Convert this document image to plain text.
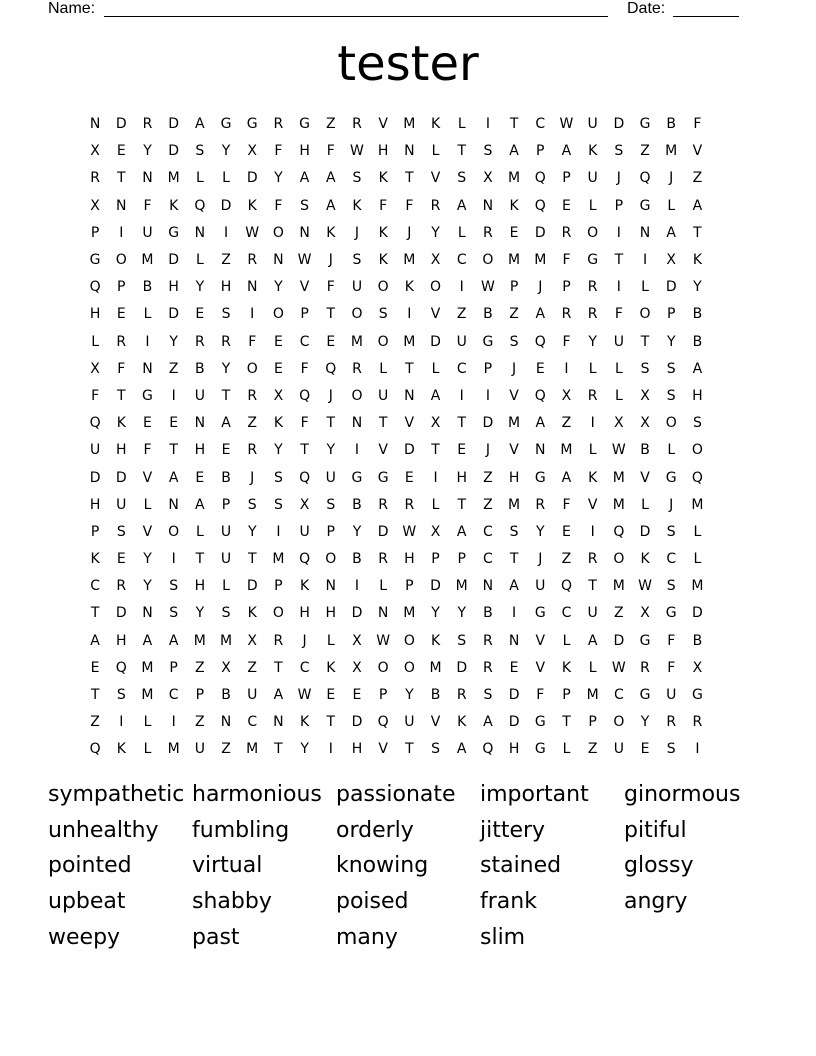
Name:	Date:
tester
N	D	R	D	A	G	G	R	G	Z	R	V	M	K	L	I	T	C	W	U	D	G	B	F
X	E	Y	D	S	Y	X	F	H	F	W	H	N	L	T	S	A	P	A	K	S	Z	M	V
R	T	N	M	L	L	D	Y	A	A	S	K	T	V	S	X	M	Q	P	U	J	Q	J	Z
X	N	F	K	Q	D	K	F	S	A	K	F	F	R	A	N	K	Q	E	L	P	G	L	A
P	I	U	G	N	I	W O	N	K	J	K	J	Y	L	R	E	D	R	O	I	N	A	T
G	O	M	D	L	Z	R	N	W	J	S	K	M	X	C	O	M	M	F	G	T	I	X	K
Q	P	B	H	Y	H	N	Y	V	F	U	O	K	O	I	W	P	J	P	R	I	L	D	Y
H	E	L	D	E	S	I	O	P	T	O	S	I	V	Z	B	Z	A	R	R	F	O	P	B
L	R	I	Y	R	R	F	E	C	E	M	O	M	D	U	G	S	Q	F	Y	U	T	Y	B
X	F	N	Z	B	Y	O	E	F	Q	R	L	T	L	C	P	J	E	I	L	L	S	S	A
F	T	G	I	U	T	R	X	Q	J	O	U	N	A	I	I	V	Q	X	R	L	X	S	H
Q	K	E	E	N	A	Z	K	F	T	N	T	V	X	T	D	M	A	Z	I	X	X	O	S
U	H	F	T	H	E	R	Y	T	Y	I	V	D	T	E	J	V	N	M	L	W	B	L	O
D	D	V	A	E	B	J	S	Q	U	G	G	E	I	H	Z	H	G	A	K	M	V	G	Q
H	U	L	N	A	P	S	S	X	S	B	R	R	L	T	Z	M	R	F	V	M	L	J	M
P	S	V	O	L	U	Y	I	U	P	Y	D W	X	A	C	S	Y	E	I	Q	D	S	L
K	E	Y	I	T	U	T	M	Q	O	B	R	H	P	P	C	T	J	Z	R	O	K	C	L
C	R	Y	S	H	L	D	P	K	N	I	L	P	D	M	N	A	U	Q	T	M W	S	M
T	D	N	S	Y	S	K	O	H	H	D	N	M	Y	Y	B	I	G	C	U	Z	X	G	D
A	H	A	A	M	M	X	R	J	L	X	W O	K	S	R	N	V	L	A	D	G	F	B
E	Q	M	P	Z	X	Z	T	C	K	X	O	O	M	D	R	E	V	K	L	W	R	F	X
T	S	M	C	P	B	U	A	W	E	E	P	Y	B	R	S	D	F	P	M	C	G	U	G
Z	I	L	I	Z	N	C	N	K	T	D	Q	U	V	K	A	D	G	T	P	O	Y	R	R
Q	K	L	M	U	Z	M	T	Y	I	H	V	T	S	A	Q	H	G	L	Z	U	E	S	I
sympathetic harmonious passionate	important	ginormous
unhealthy	fumbling	orderly	jittery	pitiful
pointed	virtual	knowing	stained	glossy
upbeat	shabby	poised	frank	angry
weepy	past	many	slim
